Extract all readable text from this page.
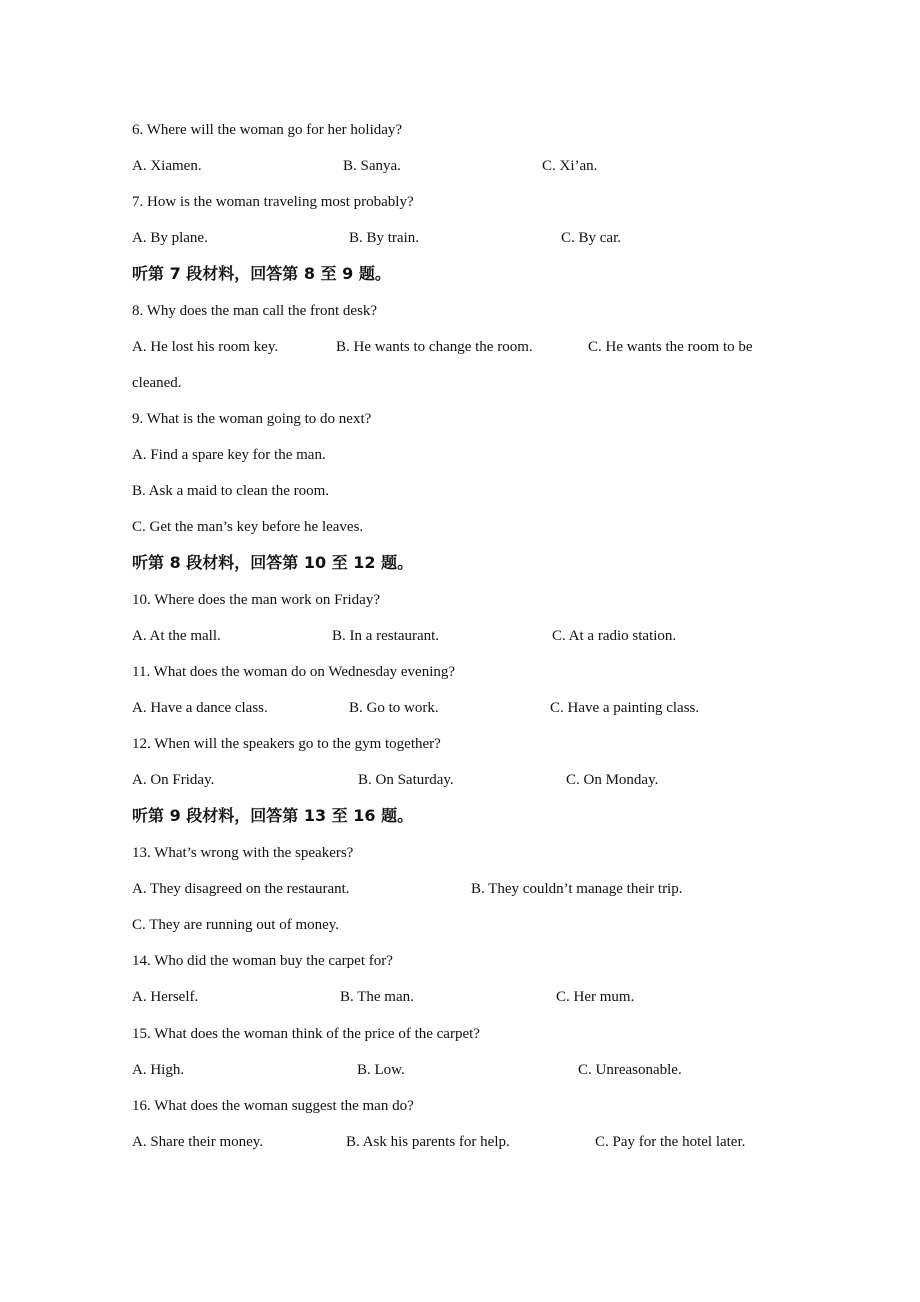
6. Where will the woman go for her holiday?
A. Xiamen.	B. Sanya.	C. Xi’an.
7. How is the woman traveling most probably?
A. By plane.	B. By train.	C. By car.
听第 7 段材料，回答第 8 至 9 题。
8. Why does the man call the front desk?
A. He lost his room key.	B. He wants to change the room.	C. He wants the room to be
cleaned.
9. What is the woman going to do next?
A. Find a spare key for the man.
B. Ask a maid to clean the room.
C. Get the man’s key before he leaves.
听第 8 段材料，回答第 10 至 12 题。
10. Where does the man work on Friday?
A. At the mall.	B. In a restaurant.	C. At a radio station.
11. What does the woman do on Wednesday evening?
A. Have a dance class.	B. Go to work.	C. Have a painting class.
12. When will the speakers go to the gym together?
A. On Friday.	B. On Saturday.	C. On Monday.
听第 9 段材料，回答第 13 至 16 题。
13. What’s wrong with the speakers?
A. They disagreed on the restaurant.	B. They couldn’t manage their trip.
C. They are running out of money.
14. Who did the woman buy the carpet for?
A. Herself.	B. The man.	C. Her mum.
15. What does the woman think of the price of the carpet?
A. High.	B. Low.	C. Unreasonable.
16. What does the woman suggest the man do?
A. Share their money.	B. Ask his parents for help.	C. Pay for the hotel later.
